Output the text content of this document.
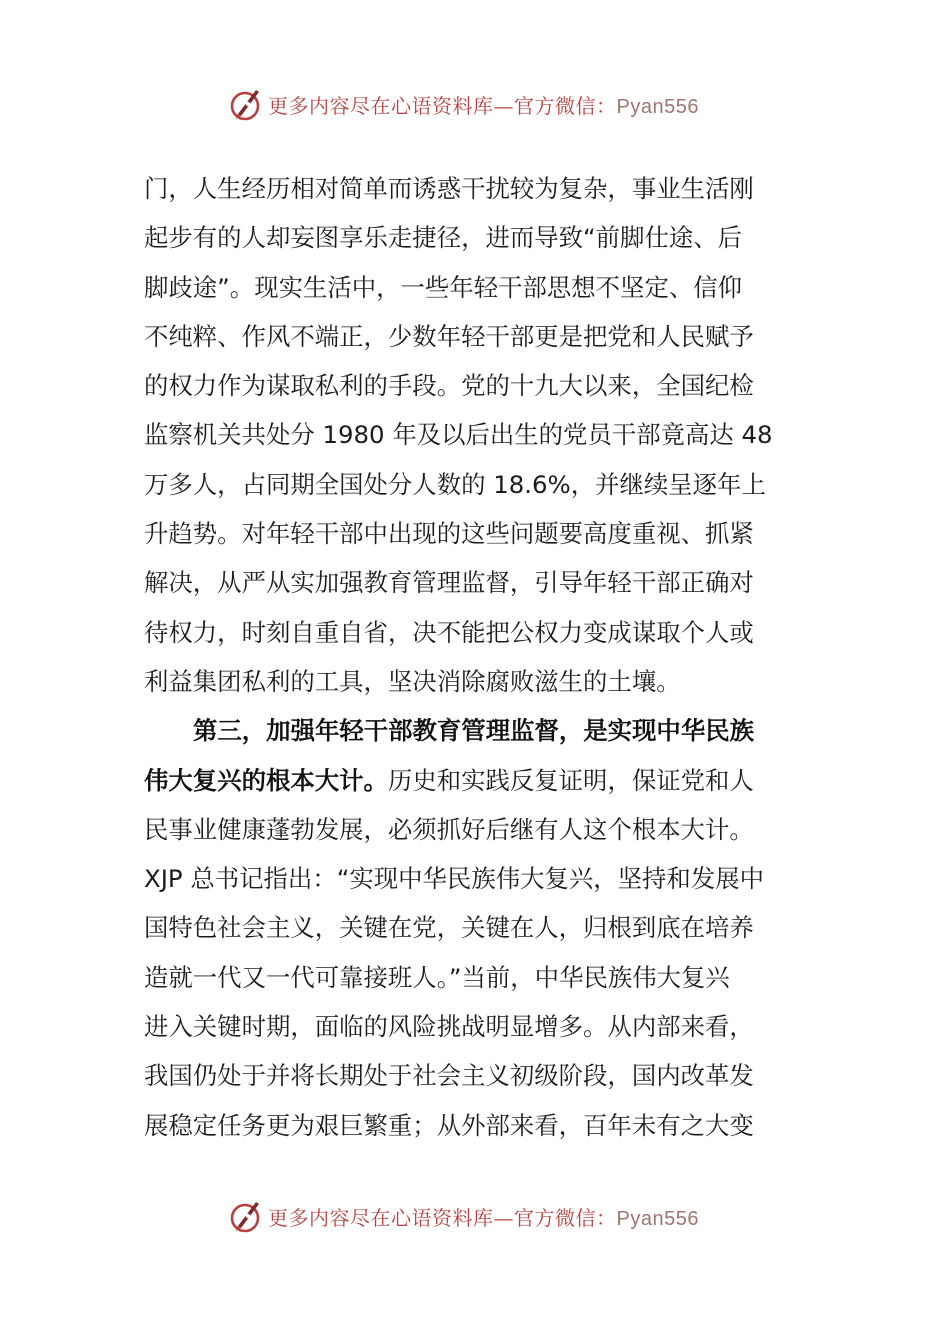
更多内容尽在心语资料库—官方微信：Pyan556
门，人生经历相对简单而诱惑干扰较为复杂，事业生活刚
起步有的人却妄图享乐走捷径，进而导致“前脚仕途、后
脚歧途”。现实生活中，一些年轻干部思想不坚定、信仰
不纯粹、作风不端正，少数年轻干部更是把党和人民赋予
的权力作为谋取私利的手段。党的十九大以来，全国纪检
监察机关共处分 1980 年及以后出生的党员干部竟高达 48
万多人，占同期全国处分人数的 18.6%，并继续呈逐年上
升趋势。对年轻干部中出现的这些问题要高度重视、抓紧
解决，从严从实加强教育管理监督，引导年轻干部正确对
待权力，时刻自重自省，决不能把公权力变成谋取个人或
利益集团私利的工具，坚决消除腐败滋生的土壤。
第三，加强年轻干部教育管理监督，是实现中华民族
伟大复兴的根本大计。历史和实践反复证明，保证党和人
民事业健康蓬勃发展，必须抓好后继有人这个根本大计。
XJP 总书记指出：“实现中华民族伟大复兴，坚持和发展中
国特色社会主义，关键在党，关键在人，归根到底在培养
造就一代又一代可靠接班人。”当前，中华民族伟大复兴
进入关键时期，面临的风险挑战明显增多。从内部来看，
我国仍处于并将长期处于社会主义初级阶段，国内改革发
展稳定任务更为艰巨繁重；从外部来看，百年未有之大变
更多内容尽在心语资料库—官方微信：Pyan556
